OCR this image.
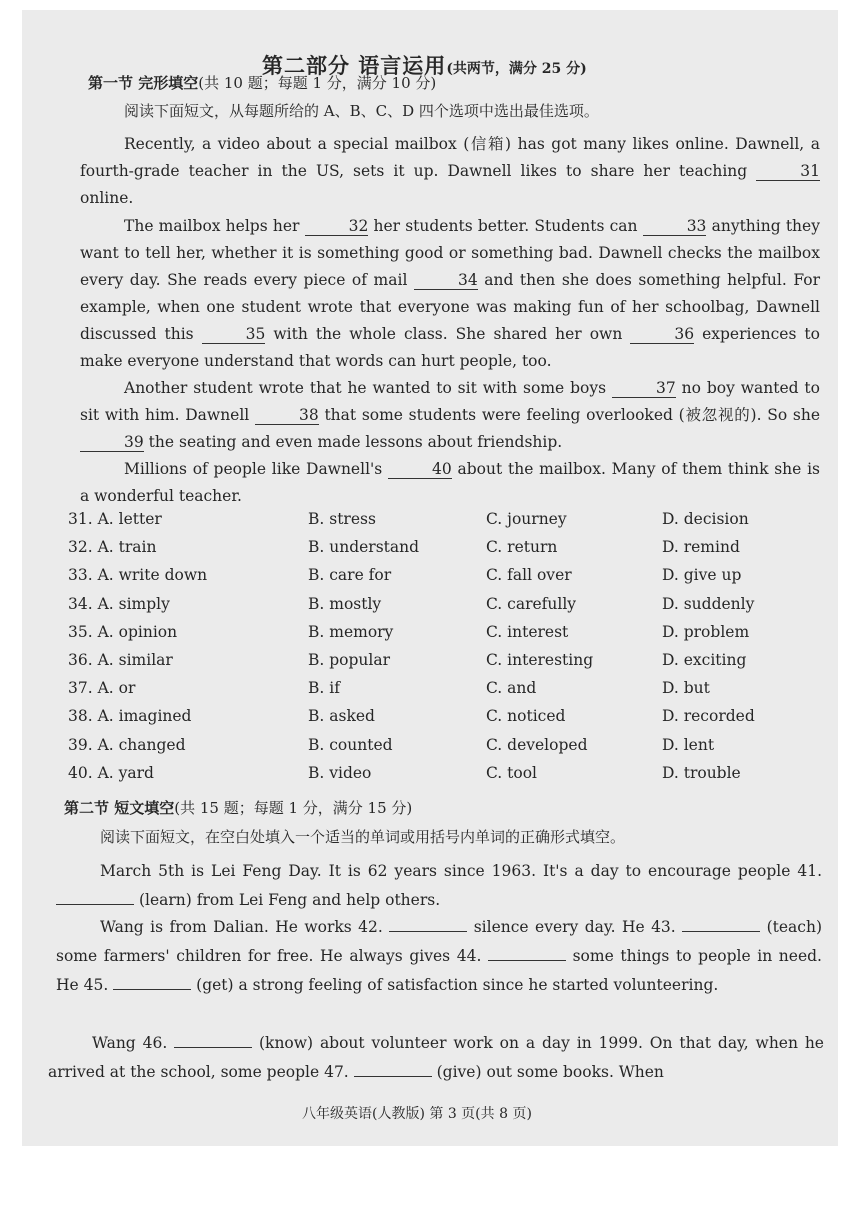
第二部分 语言运用(共两节，满分 25 分)
第一节 完形填空(共 10 题；每题 1 分，满分 10 分)
阅读下面短文，从每题所给的 A、B、C、D 四个选项中选出最佳选项。
Recently, a video about a special mailbox (信箱) has got many likes online. Dawnell, a fourth-grade teacher in the US, sets it up. Dawnell likes to share her teaching	31 online.
The mailbox helps her	32 her students better. Students can	33 anything they want to tell her, whether it is something good or something bad. Dawnell checks the mailbox every day. She reads every piece of mail	34 and then she does something helpful. For example, when one student wrote that everyone was making fun of her schoolbag, Dawnell discussed this	35 with the whole class. She shared her own	36 experiences to make everyone understand that words can hurt people, too.
Another student wrote that he wanted to sit with some boys	37 no boy wanted to sit with him. Dawnell	38 that some students were feeling overlooked (被忽视的). So she 39 the seating and even made lessons about friendship.
Millions of people like Dawnell's	40 about the mailbox. Many of them think she is a wonderful teacher.
31. A. letter	B. stress	C. journey	D. decision
32. A. train	B. understand	C. return	D. remind
33. A. write down	B. care for	C. fall over	D. give up
34. A. simply	B. mostly	C. carefully	D. suddenly
35. A. opinion	B. memory	C. interest	D. problem
36. A. similar	B. popular	C. interesting	D. exciting
37. A. or	B. if	C. and	D. but
38. A. imagined	B. asked	C. noticed	D. recorded
39. A. changed	B. counted	C. developed	D. lent
40. A. yard	B. video	C. tool	D. trouble
第二节 短文填空(共 15 题；每题 1 分，满分 15 分)
阅读下面短文，在空白处填入一个适当的单词或用括号内单词的正确形式填空。
March 5th is Lei Feng Day. It is 62 years since 1963. It's a day to encourage people 41. (learn) from Lei Feng and help others.
Wang is from Dalian. He works 42.	silence every day. He 43.	(teach) some farmers' children for free. He always gives 44.	some things to people in need. He 45.	(get) a strong feeling of satisfaction since he started volunteering.
Wang 46.	(know) about volunteer work on a day in 1999. On that day, when he arrived at the school, some people 47.	(give) out some books. When
八年级英语(人教版) 第 3 页(共 8 页)
